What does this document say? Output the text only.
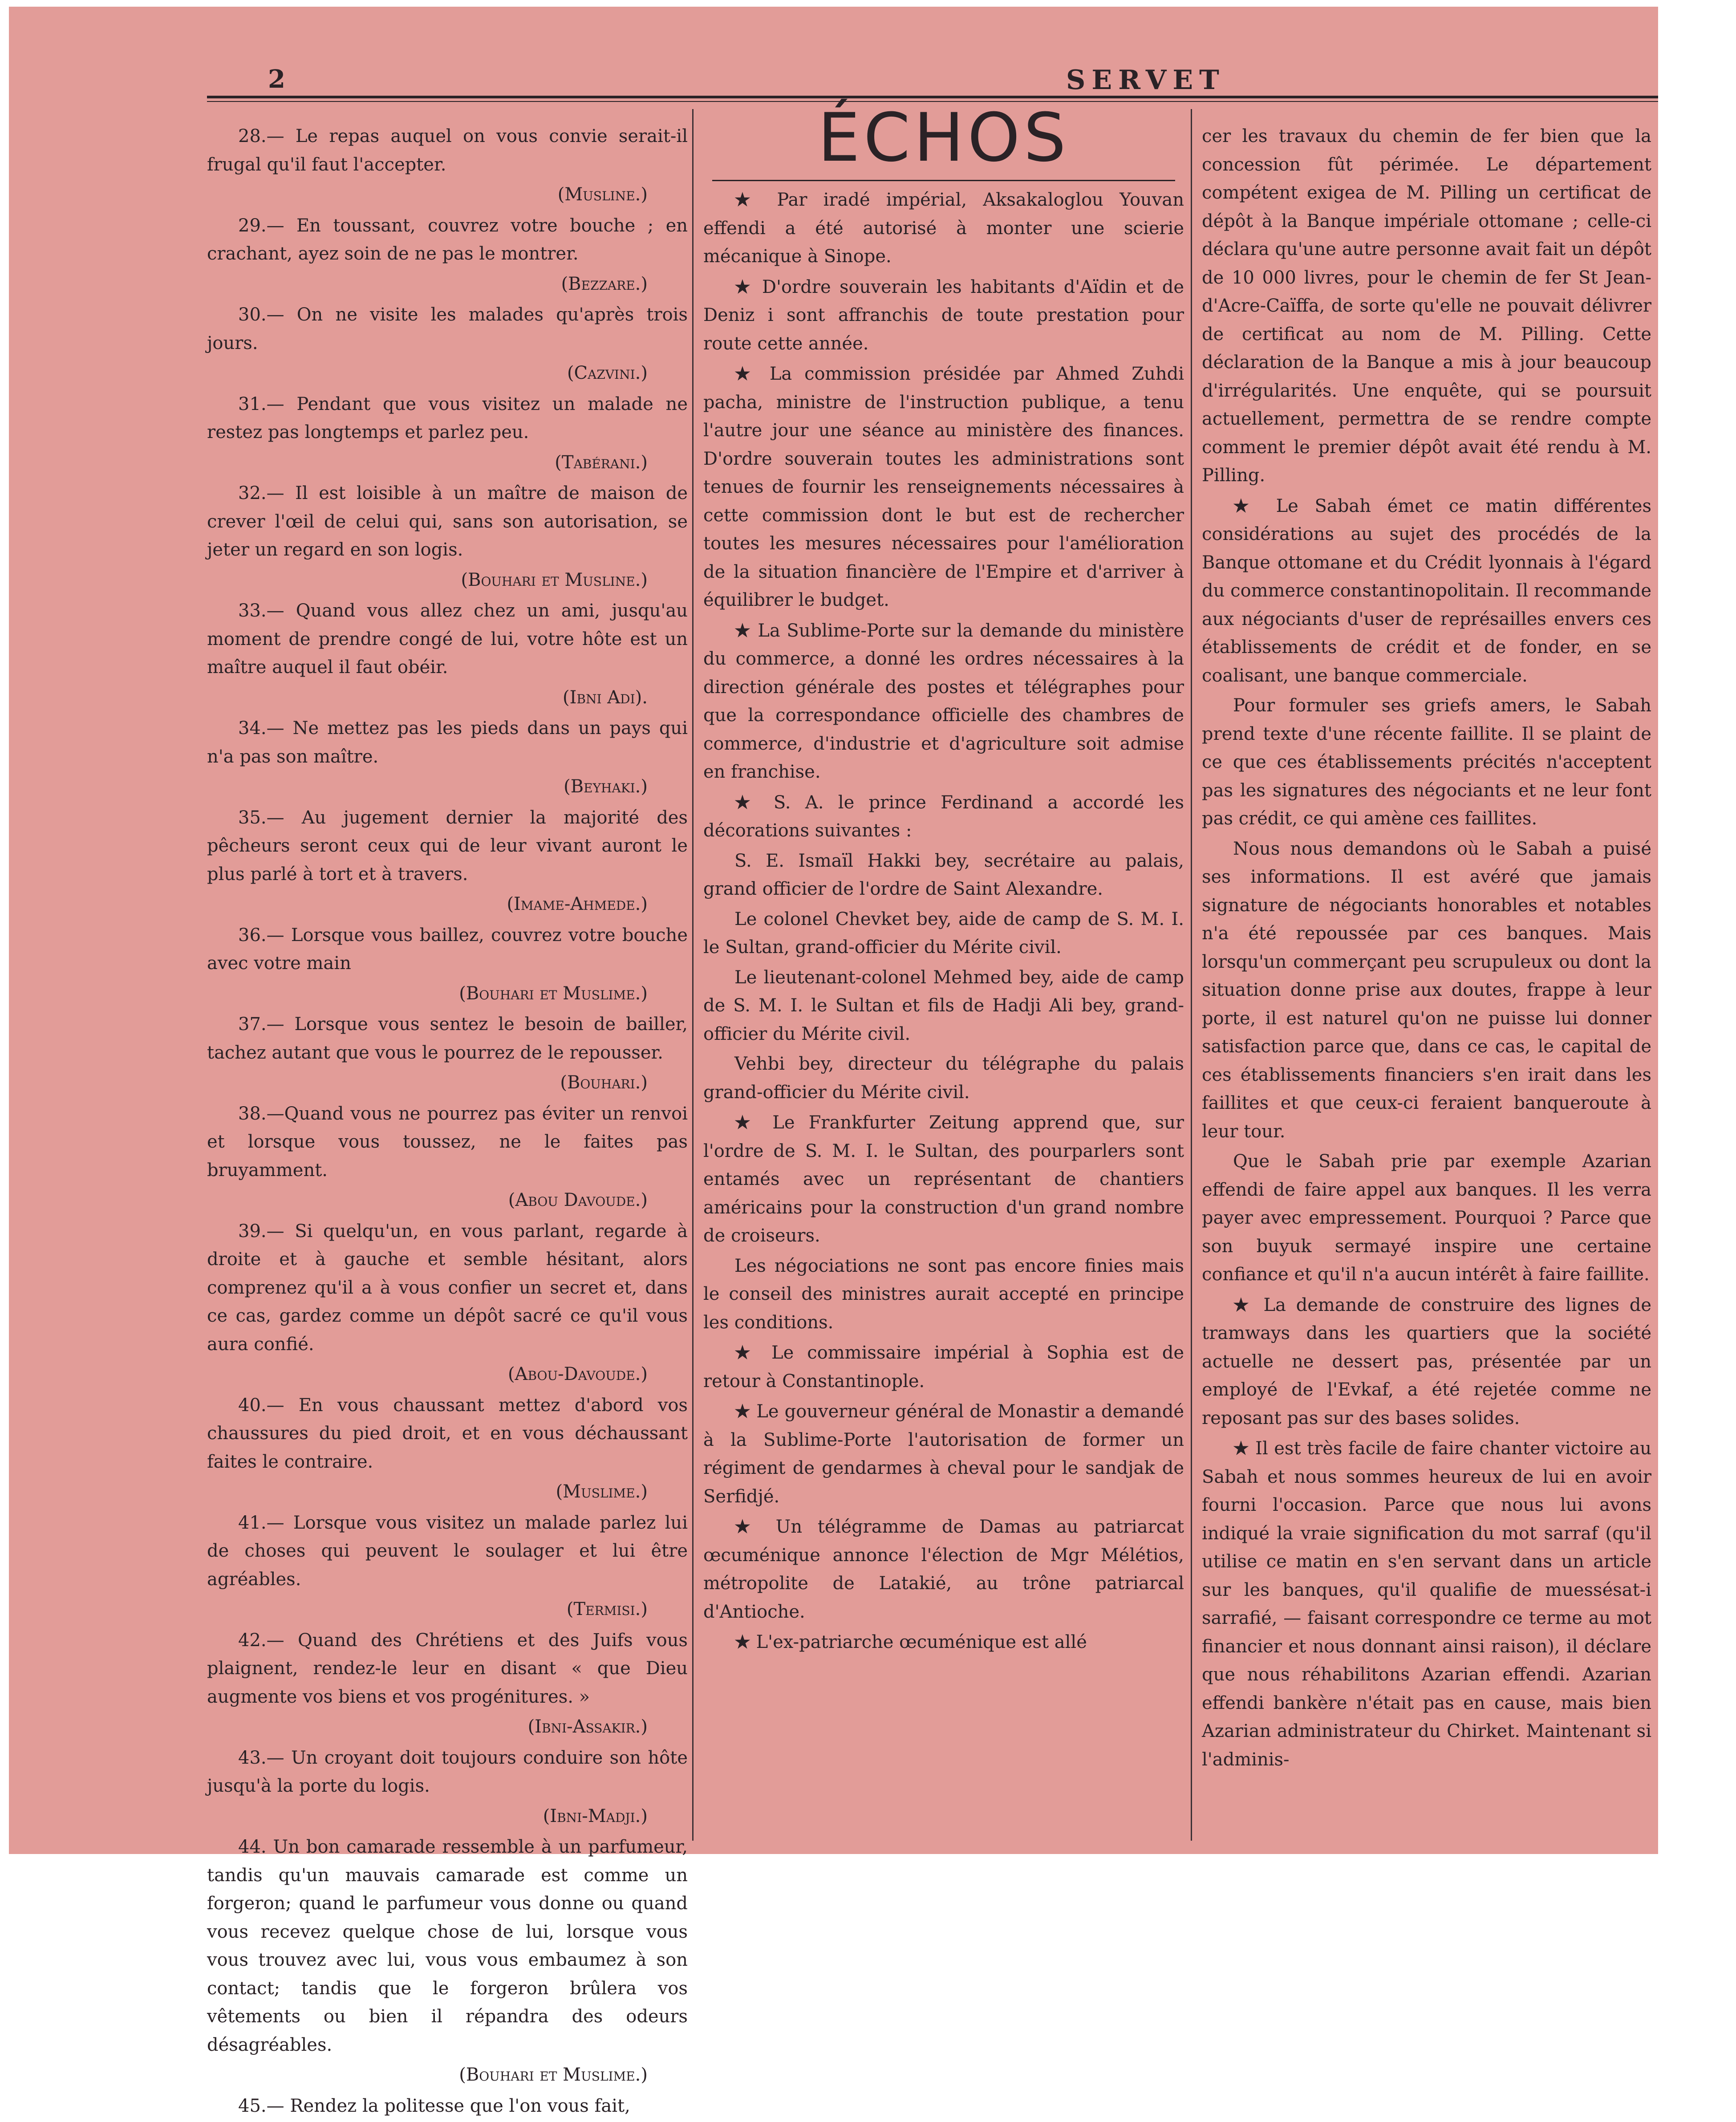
2	SERVET

28.— Le repas auquel on vous convie serait-il frugal qu'il faut l'accepter.

(Musline.)

29.— En toussant, couvrez votre bouche ; en crachant, ayez soin de ne pas le montrer.

(Bezzare.)

30.— On ne visite les malades qu'après trois jours.

(Cazvini.)

31.— Pendant que vous visitez un malade ne restez pas longtemps et parlez peu.

(Tabérani.)

32.— Il est loisible à un maître de maison de crever l'œil de celui qui, sans son autorisation, se jeter un regard en son logis.

(Bouhari et Musline.)

33.— Quand vous allez chez un ami, jusqu'au moment de prendre congé de lui, votre hôte est un maître auquel il faut obéir.

(Ibni Adi).

34.— Ne mettez pas les pieds dans un pays qui n'a pas son maître.

(Beyhaki.)

35.— Au jugement dernier la majorité des pêcheurs seront ceux qui de leur vivant auront le plus parlé à tort et à travers.

(Imame-Ahmede.)

36.— Lorsque vous baillez, couvrez votre bouche avec votre main

(Bouhari et Muslime.)

37.— Lorsque vous sentez le besoin de bailler, tachez autant que vous le pourrez de le repousser.

(Bouhari.)

38.—Quand vous ne pourrez pas éviter un renvoi et lorsque vous toussez, ne le faites pas bruyamment.

(Abou Davoude.)

39.— Si quelqu'un, en vous parlant, regarde à droite et à gauche et semble hésitant, alors comprenez qu'il a à vous confier un secret et, dans ce cas, gardez comme un dépôt sacré ce qu'il vous aura confié.

(Abou-Davoude.)

40.— En vous chaussant mettez d'abord vos chaussures du pied droit, et en vous déchaussant faites le contraire.

(Muslime.)

41.— Lorsque vous visitez un malade parlez lui de choses qui peuvent le soulager et lui être agréables.

(Termisi.)

42.— Quand des Chrétiens et des Juifs vous plaignent, rendez-le leur en disant « que Dieu augmente vos biens et vos progénitures. »

(Ibni-Assakir.)

43.— Un croyant doit toujours conduire son hôte jusqu'à la porte du logis.

(Ibni-Madji.)

44. Un bon camarade ressemble à un parfumeur, tandis qu'un mauvais camarade est comme un forgeron; quand le parfumeur vous donne ou quand vous recevez quelque chose de lui, lorsque vous vous trouvez avec lui, vous vous embaumez à son contact; tandis que le forgeron brûlera vos vêtements ou bien il répandra des odeurs désagréables.

(Bouhari et Muslime.)

45.— Rendez la politesse que l'on vous fait,

ÉCHOS

★ Par iradé impérial, Aksakaloglou Youvan effendi a été autorisé à monter une scierie mécanique à Sinope.

★ D'ordre souverain les habitants d'Aïdin et de Deniz i sont affranchis de toute prestation pour route cette année.

★ La commission présidée par Ahmed Zuhdi pacha, ministre de l'instruction publique, a tenu l'autre jour une séance au ministère des finances. D'ordre souverain toutes les administrations sont tenues de fournir les renseignements nécessaires à cette commission dont le but est de rechercher toutes les mesures nécessaires pour l'amélioration de la situation financière de l'Empire et d'arriver à équilibrer le budget.

★ La Sublime-Porte sur la demande du ministère du commerce, a donné les ordres nécessaires à la direction générale des postes et télégraphes pour que la correspondance officielle des chambres de commerce, d'industrie et d'agriculture soit admise en franchise.

★ S. A. le prince Ferdinand a accordé les décorations suivantes :

S. E. Ismaïl Hakki bey, secrétaire au palais, grand officier de l'ordre de Saint Alexandre.

Le colonel Chevket bey, aide de camp de S. M. I. le Sultan, grand-officier du Mérite civil.

Le lieutenant-colonel Mehmed bey, aide de camp de S. M. I. le Sultan et fils de Hadji Ali bey, grand-officier du Mérite civil.

Vehbi bey, directeur du télégraphe du palais grand-officier du Mérite civil.

★ Le Frankfurter Zeitung apprend que, sur l'ordre de S. M. I. le Sultan, des pourparlers sont entamés avec un représentant de chantiers américains pour la construction d'un grand nombre de croiseurs.

Les négociations ne sont pas encore finies mais le conseil des ministres aurait accepté en principe les conditions.

★ Le commissaire impérial à Sophia est de retour à Constantinople.

★ Le gouverneur général de Monastir a demandé à la Sublime-Porte l'autorisation de former un régiment de gendarmes à cheval pour le sandjak de Serfidjé.

★ Un télégramme de Damas au patriarcat œcuménique annonce l'élection de Mgr Mélétios, métropolite de Latakié, au trône patriarcal d'Antioche.

★ L'ex-patriarche œcuménique est allé

cer les travaux du chemin de fer bien que la concession fût périmée. Le département compétent exigea de M. Pilling un certificat de dépôt à la Banque impériale ottomane ; celle-ci déclara qu'une autre personne avait fait un dépôt de 10 000 livres, pour le chemin de fer St Jean-d'Acre-Caïffa, de sorte qu'elle ne pouvait délivrer de certificat au nom de M. Pilling. Cette déclaration de la Banque a mis à jour beaucoup d'irrégularités. Une enquête, qui se poursuit actuellement, permettra de se rendre compte comment le premier dépôt avait été rendu à M. Pilling.

★ Le Sabah émet ce matin différentes considérations au sujet des procédés de la Banque ottomane et du Crédit lyonnais à l'égard du commerce constantinopolitain. Il recommande aux négociants d'user de représailles envers ces établissements de crédit et de fonder, en se coalisant, une banque commerciale.

Pour formuler ses griefs amers, le Sabah prend texte d'une récente faillite. Il se plaint de ce que ces établissements précités n'acceptent pas les signatures des négociants et ne leur font pas crédit, ce qui amène ces faillites.

Nous nous demandons où le Sabah a puisé ses informations. Il est avéré que jamais signature de négociants honorables et notables n'a été repoussée par ces banques. Mais lorsqu'un commerçant peu scrupuleux ou dont la situation donne prise aux doutes, frappe à leur porte, il est naturel qu'on ne puisse lui donner satisfaction parce que, dans ce cas, le capital de ces établissements financiers s'en irait dans les faillites et que ceux-ci feraient banqueroute à leur tour.

Que le Sabah prie par exemple Azarian effendi de faire appel aux banques. Il les verra payer avec empressement. Pourquoi ? Parce que son buyuk sermayé inspire une certaine confiance et qu'il n'a aucun intérêt à faire faillite.

★ La demande de construire des lignes de tramways dans les quartiers que la société actuelle ne dessert pas, présentée par un employé de l'Evkaf, a été rejetée comme ne reposant pas sur des bases solides.

★ Il est très facile de faire chanter victoire au Sabah et nous sommes heureux de lui en avoir fourni l'occasion. Parce que nous lui avons indiqué la vraie signification du mot sarraf (qu'il utilise ce matin en s'en servant dans un article sur les banques, qu'il qualifie de muessésat-i sarrafié, — faisant correspondre ce terme au mot financier et nous donnant ainsi raison), il déclare que nous réhabilitons Azarian effendi. Azarian effendi bankère n'était pas en cause, mais bien Azarian administrateur du Chirket. Maintenant si l'adminis-
